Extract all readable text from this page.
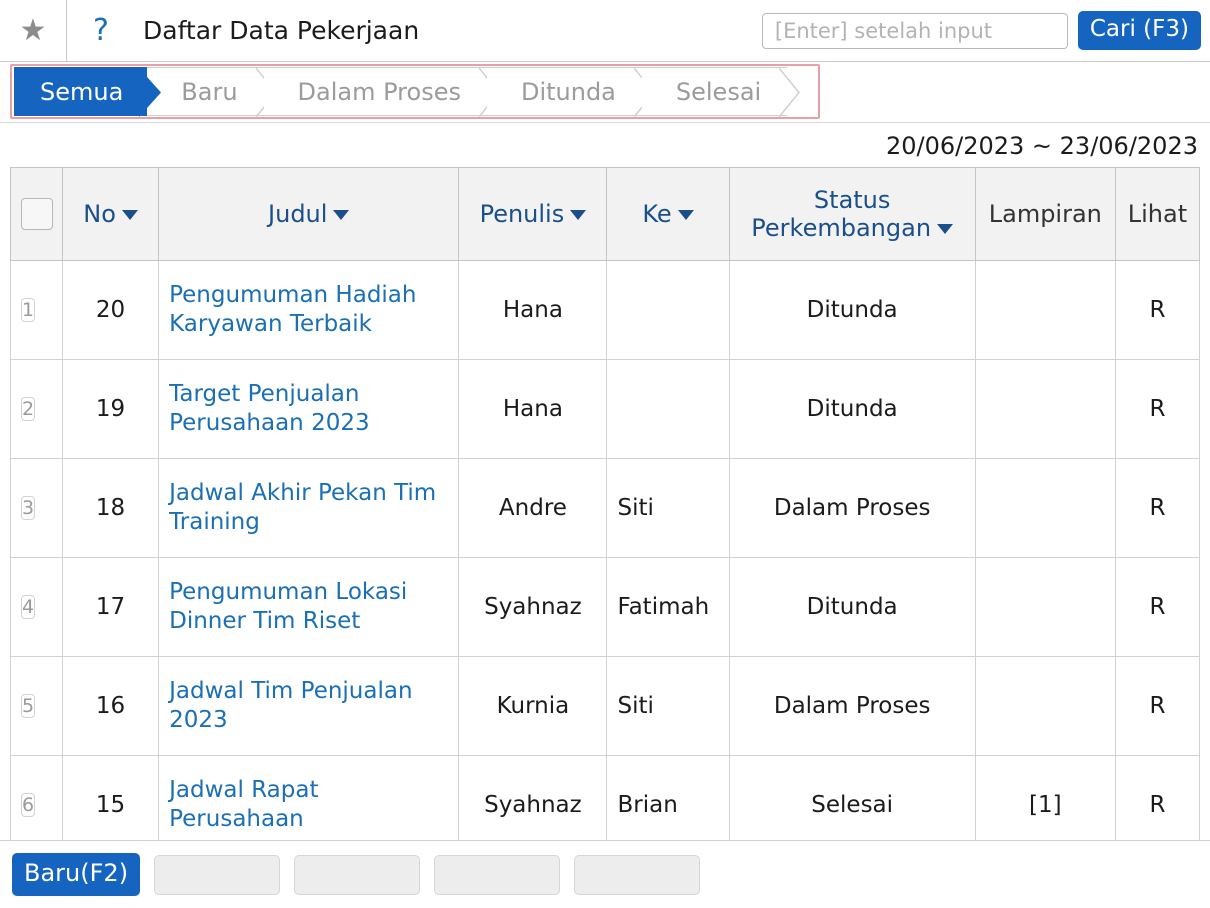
★	?	Daftar Data Pekerjaan
[Enter] setelah input	Cari (F3)
Semua	Baru	Dalam Proses	Ditunda	Selesai
20/06/2023 ~ 23/06/2023
	No	Judul	Penulis	Ke	Status Perkembangan	Lampiran	Lihat
1	20	Pengumuman Hadiah Karyawan Terbaik	Hana		Ditunda		R
2	19	Target Penjualan Perusahaan 2023	Hana		Ditunda		R
3	18	Jadwal Akhir Pekan Tim Training	Andre	Siti	Dalam Proses		R
4	17	Pengumuman Lokasi Dinner Tim Riset	Syahnaz	Fatimah	Ditunda		R
5	16	Jadwal Tim Penjualan 2023	Kurnia	Siti	Dalam Proses		R
6	15	Jadwal Rapat Perusahaan	Syahnaz	Brian	Selesai	[1]	R
Baru(F2)
